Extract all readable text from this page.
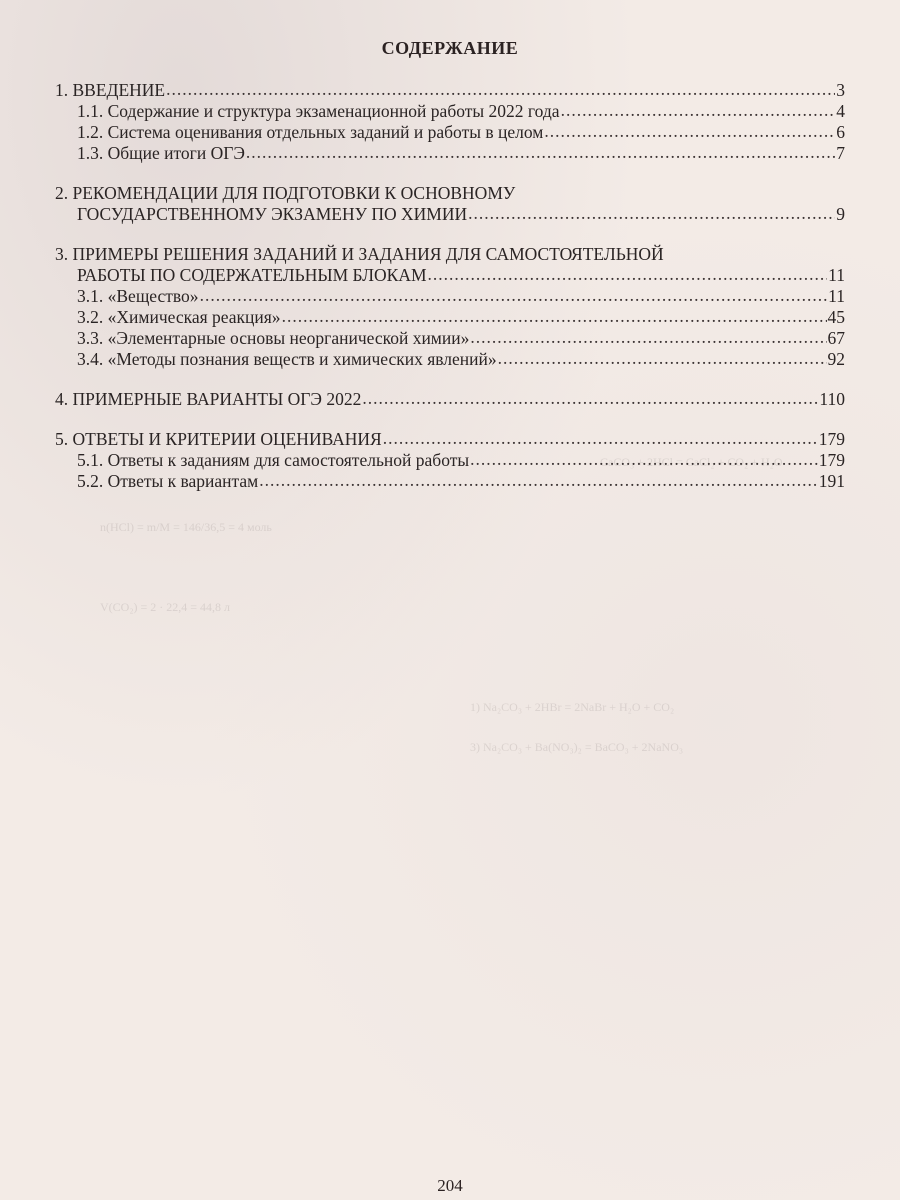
CaCO₃ + 2HCl = CaCl₂ + CO₂ + H₂O
n(HCl) = m/M = 146/36,5 = 4 моль
V(CO₂) = 2 · 22,4 = 44,8 л
1) Na₂CO₃ + 2HBr = 2NaBr + H₂O + CO₂
3) Na₂CO₃ + Ba(NO₃)₂ = BaCO₃ + 2NaNO₃
СОДЕРЖАНИЕ
1. ВВЕДЕНИЕ .....	3
1.1. Содержание и структура экзаменационной работы 2022 года .....	4
1.2. Система оценивания отдельных заданий и работы в целом .....	6
1.3. Общие итоги ОГЭ .....	7
2. РЕКОМЕНДАЦИИ ДЛЯ ПОДГОТОВКИ К ОСНОВНОМУ
ГОСУДАРСТВЕННОМУ ЭКЗАМЕНУ ПО ХИМИИ .....	9
3. ПРИМЕРЫ РЕШЕНИЯ ЗАДАНИЙ И ЗАДАНИЯ ДЛЯ САМОСТОЯТЕЛЬНОЙ
РАБОТЫ ПО СОДЕРЖАТЕЛЬНЫМ БЛОКАМ .....	11
3.1. «Вещество» .....	11
3.2. «Химическая реакция» .....	45
3.3. «Элементарные основы неорганической химии» .....	67
3.4. «Методы познания веществ и химических явлений» .....	92
4. ПРИМЕРНЫЕ ВАРИАНТЫ ОГЭ 2022 .....	110
5. ОТВЕТЫ И КРИТЕРИИ ОЦЕНИВАНИЯ .....	179
5.1. Ответы к заданиям для самостоятельной работы .....	179
5.2. Ответы к вариантам .....	191
204
